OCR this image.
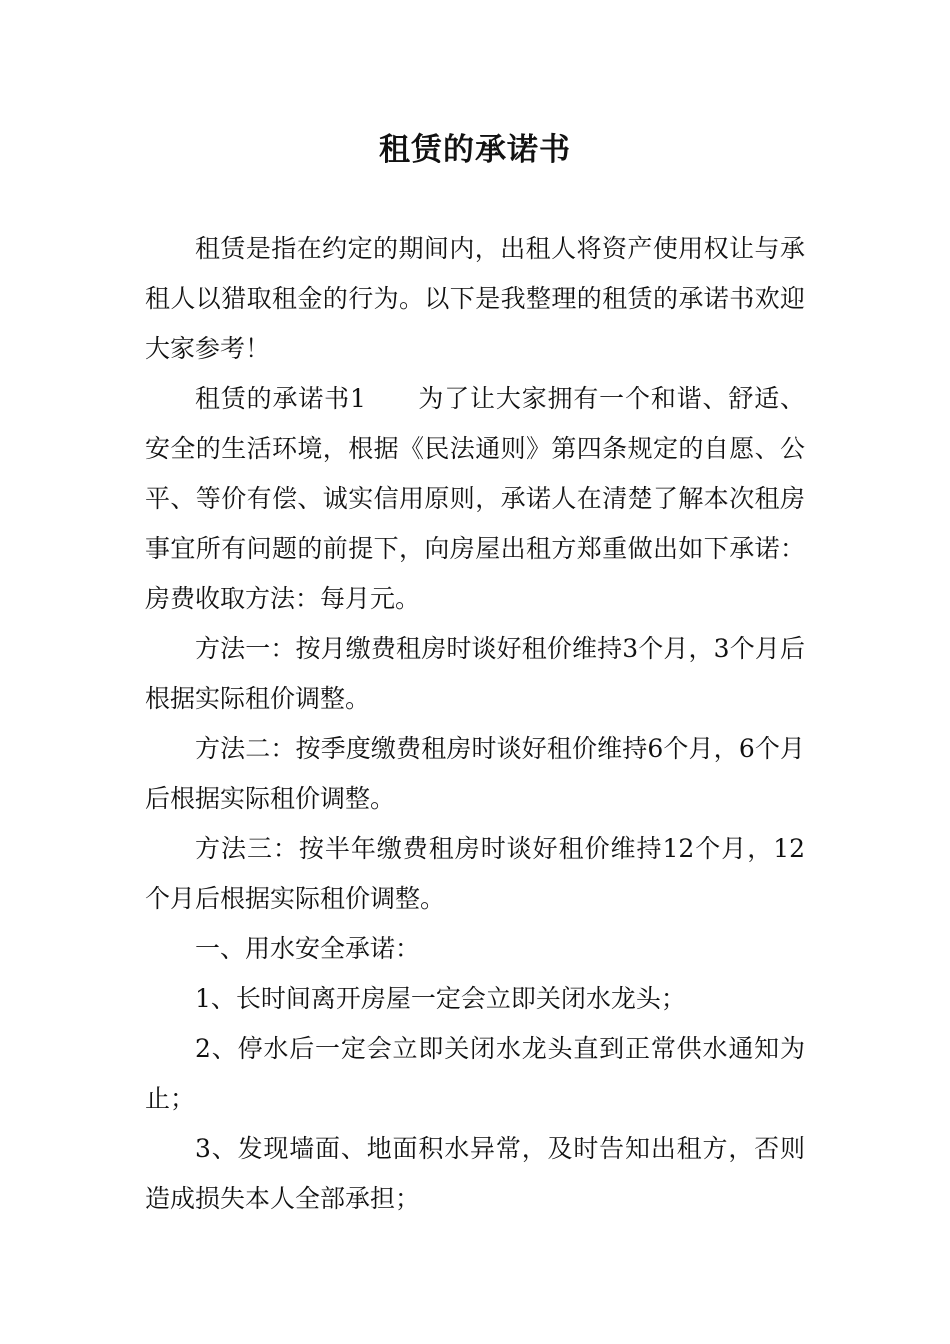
租赁的承诺书

租赁是指在约定的期间内，出租人将资产使用权让与承租人以猎取租金的行为。以下是我整理的租赁的承诺书欢迎大家参考！

租赁的承诺书1　　为了让大家拥有一个和谐、舒适、安全的生活环境，根据《民法通则》第四条规定的自愿、公平、等价有偿、诚实信用原则，承诺人在清楚了解本次租房事宜所有问题的前提下，向房屋出租方郑重做出如下承诺：房费收取方法：每月元。

方法一：按月缴费租房时谈好租价维持3个月，3个月后根据实际租价调整。

方法二：按季度缴费租房时谈好租价维持6个月，6个月后根据实际租价调整。

方法三：按半年缴费租房时谈好租价维持12个月，12个月后根据实际租价调整。

一、用水安全承诺：

1、长时间离开房屋一定会立即关闭水龙头；

2、停水后一定会立即关闭水龙头直到正常供水通知为止；

3、发现墙面、地面积水异常，及时告知出租方，否则造成损失本人全部承担；
